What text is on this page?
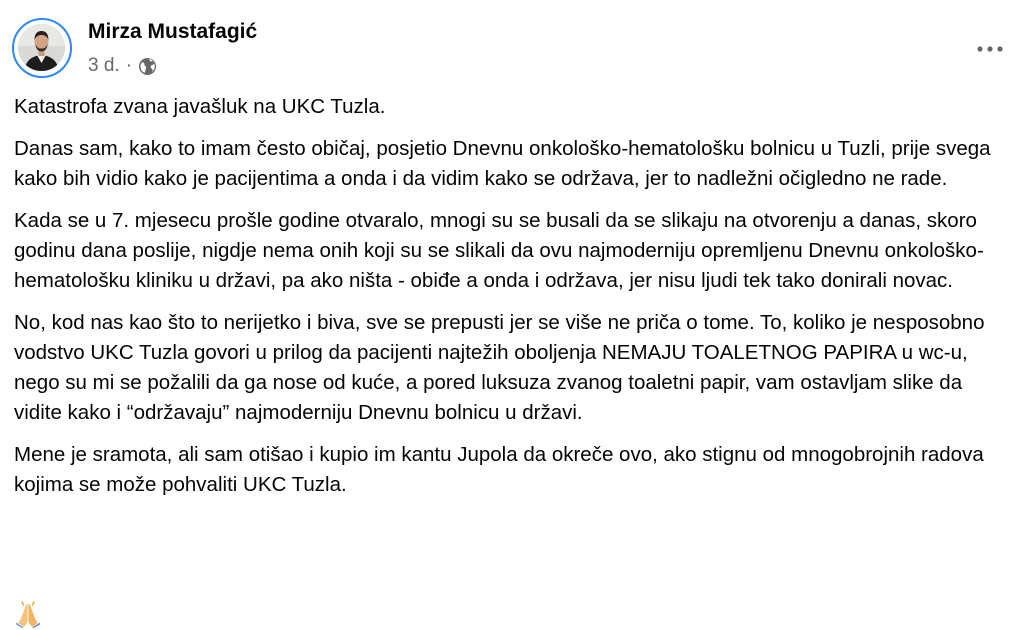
Mirza Mustafagić
3 d. ·

Katastrofa zvana javašluk na UKC Tuzla.

Danas sam, kako to imam često običaj, posjetio Dnevnu onkološko-hematološku bolnicu u Tuzli, prije svega kako bih vidio kako je pacijentima a onda i da vidim kako se održava, jer to nadležni očigledno ne rade.

Kada se u 7. mjesecu prošle godine otvaralo, mnogi su se busali da se slikaju na otvorenju a danas, skoro godinu dana poslije, nigdje nema onih koji su se slikali da ovu najmoderniju opremljenu Dnevnu onkološko-hematološku kliniku u državi, pa ako ništa - obiđe a onda i održava, jer nisu ljudi tek tako donirali novac.

No, kod nas kao što to nerijetko i biva, sve se prepusti jer se više ne priča o tome. To, koliko je nesposobno vodstvo UKC Tuzla govori u prilog da pacijenti najtežih oboljenja NEMAJU TOALETNOG PAPIRA u wc-u, nego su mi se požalili da ga nose od kuće, a pored luksuza zvanog toaletni papir, vam ostavljam slike da vidite kako i “održavaju” najmoderniju Dnevnu bolnicu u državi.

Mene je sramota, ali sam otišao i kupio im kantu Jupola da okreče ovo, ako stignu od mnogobrojnih radova kojima se može pohvaliti UKC Tuzla.
